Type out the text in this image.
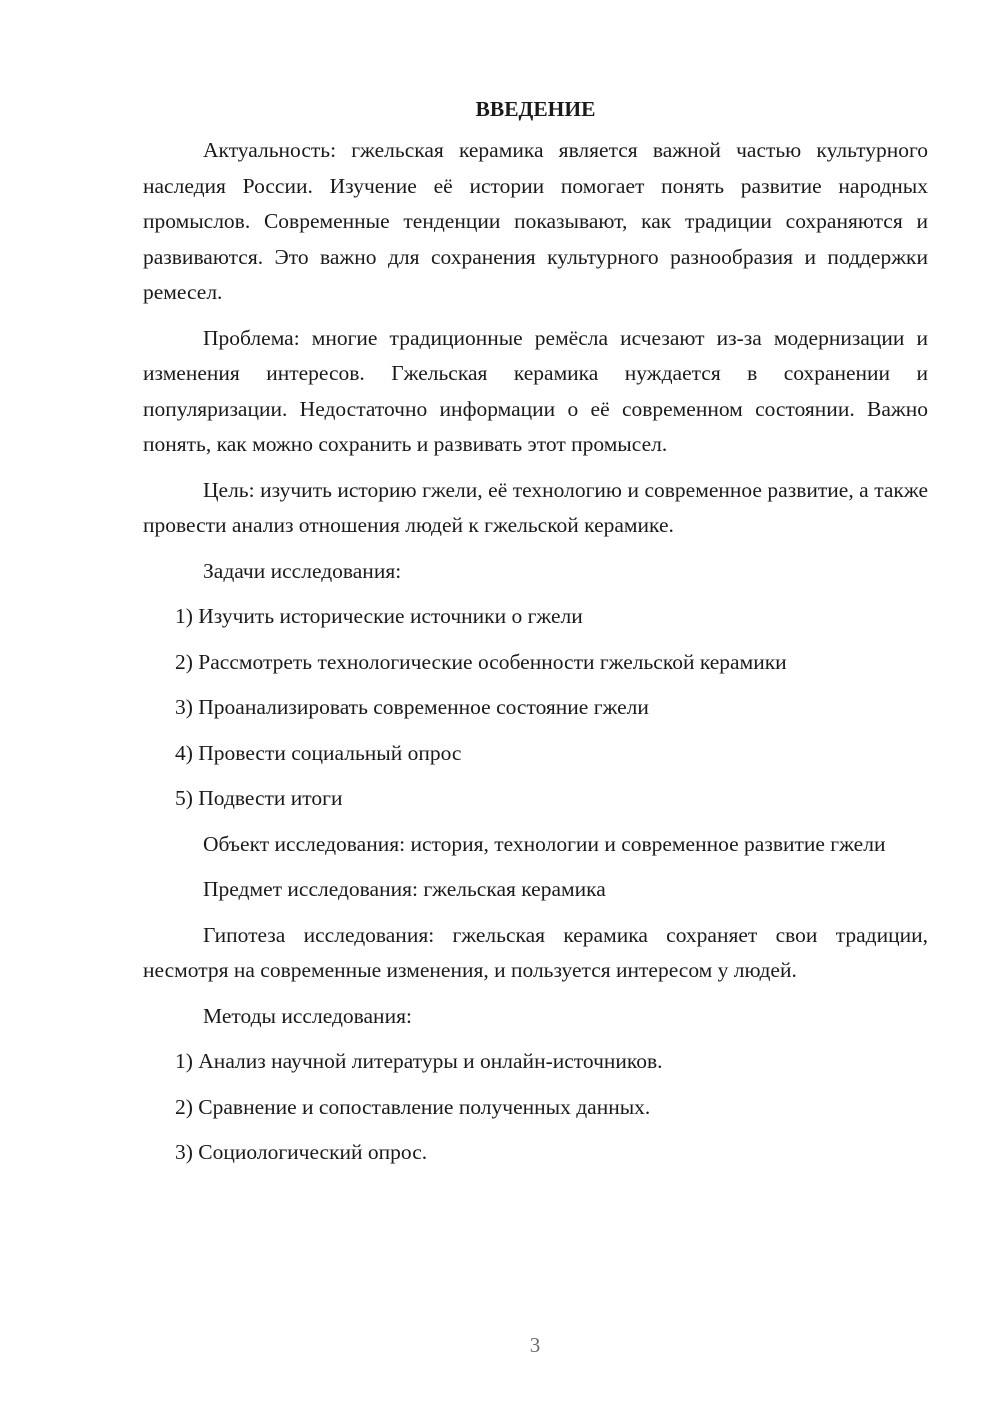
ВВЕДЕНИЕ

Актуальность: гжельская керамика является важной частью культурного наследия России. Изучение её истории помогает понять развитие народных промыслов. Современные тенденции показывают, как традиции сохраняются и развиваются. Это важно для сохранения культурного разнообразия и поддержки ремесел.

Проблема: многие традиционные ремёсла исчезают из-за модернизации и изменения интересов. Гжельская керамика нуждается в сохранении и популяризации. Недостаточно информации о её современном состоянии. Важно понять, как можно сохранить и развивать этот промысел.

Цель: изучить историю гжели, её технологию и современное развитие, а также провести анализ отношения людей к гжельской керамике.

Задачи исследования:

1) Изучить исторические источники о гжели

2) Рассмотреть технологические особенности гжельской керамики

3) Проанализировать современное состояние гжели

4) Провести социальный опрос

5) Подвести итоги

Объект исследования: история, технологии и современное развитие гжели

Предмет исследования: гжельская керамика

Гипотеза исследования: гжельская керамика сохраняет свои традиции, несмотря на современные изменения, и пользуется интересом у людей.

Методы исследования:

1) Анализ научной литературы и онлайн-источников.

2) Сравнение и сопоставление полученных данных.

3) Социологический опрос.

3
